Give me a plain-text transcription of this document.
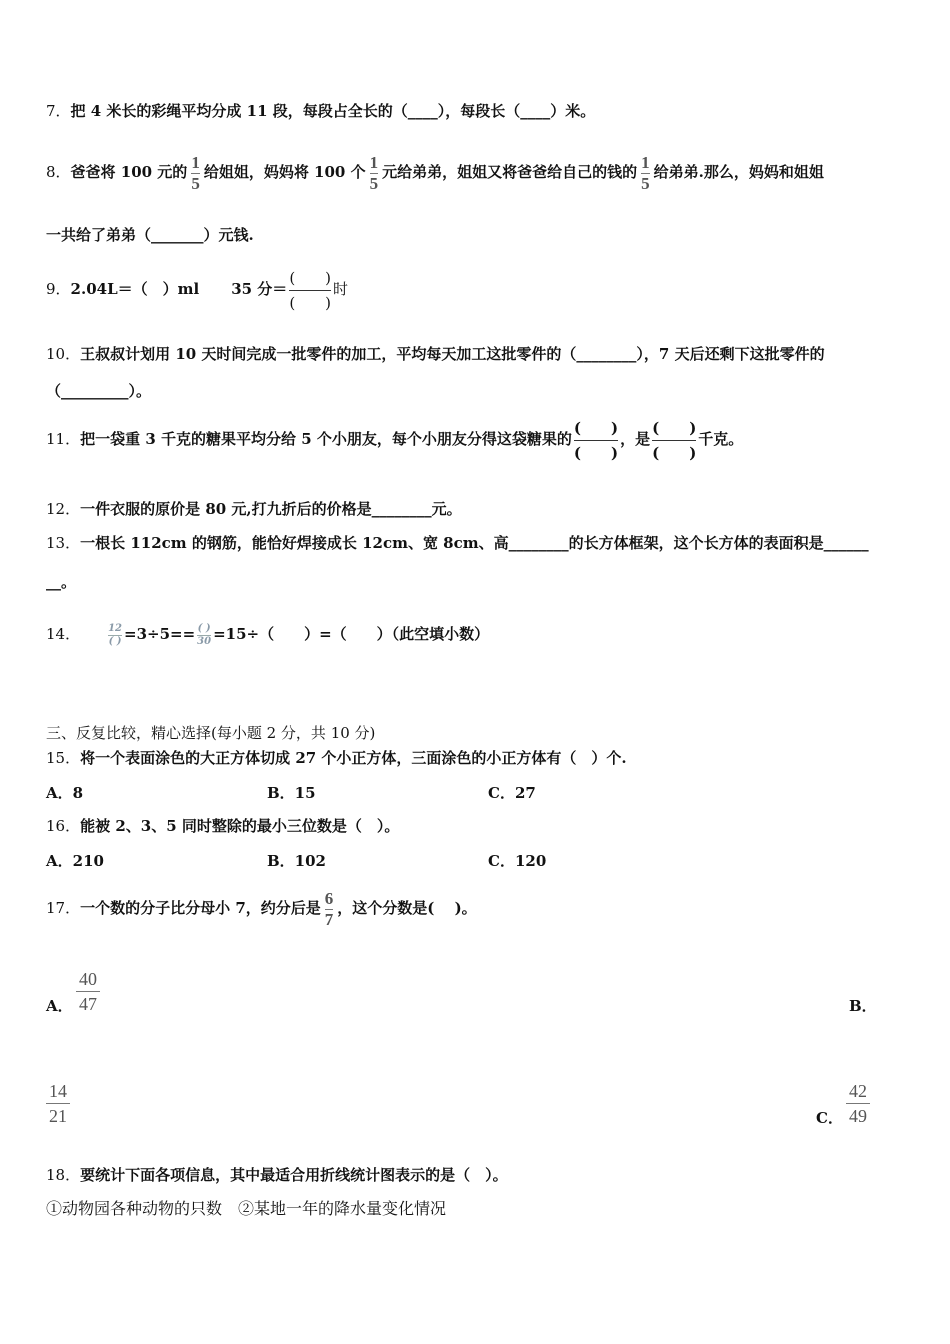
7．把 4 米长的彩绳平均分成 11 段，每段占全长的（____），每段长（____）米。
8．爸爸将 100 元的 $\frac{1}{5}$ 给姐姐，妈妈将 100 个 $\frac{1}{5}$ 元给弟弟，姐姐又将爸爸给自己的钱的 $\frac{1}{5}$ 给弟弟.那么，妈妈和姐姐
一共给了弟弟（_______）元钱.
9．2.04L＝（　）ml 35 分＝
(　　)
(　　)
时
10．王叔叔计划用 10 天时间完成一批零件的加工，平均每天加工这批零件的（________），7 天后还剩下这批零件的
（_________）。
11．把一袋重 3 千克的糖果平均分给 5 个小朋友，每个小朋友分得这袋糖果的
(　　)
(　　)
，是
(　　)
(　　)
千克。
12．一件衣服的原价是 80 元,打九折后的价格是________元。
13．一根长 112cm 的钢筋，能恰好焊接成长 12cm、宽 8cm、高________的长方体框架，这个长方体的表面积是______
__。
14．	12
( ) =3÷5== ( )
30 =15÷（　　）=（　　）（此空填小数）
三、反复比较，精心选择(每小题 2 分，共 10 分)
15．将一个表面涂色的大正方体切成 27 个小正方体，三面涂色的小正方体有（　）个.
A．8	B．15	C．27
16．能被 2、3、5 同时整除的最小三位数是（　）。
A．210	B．102	C．120
17．一个数的分子比分母小 7，约分后是 $\frac{6}{7}$ ，这个分数是(　 )。
A．
40
47	B．
14
21	C．
42
49
18．要统计下面各项信息，其中最适合用折线统计图表示的是（　）。
①动物园各种动物的只数　②某地一年的降水量变化情况
